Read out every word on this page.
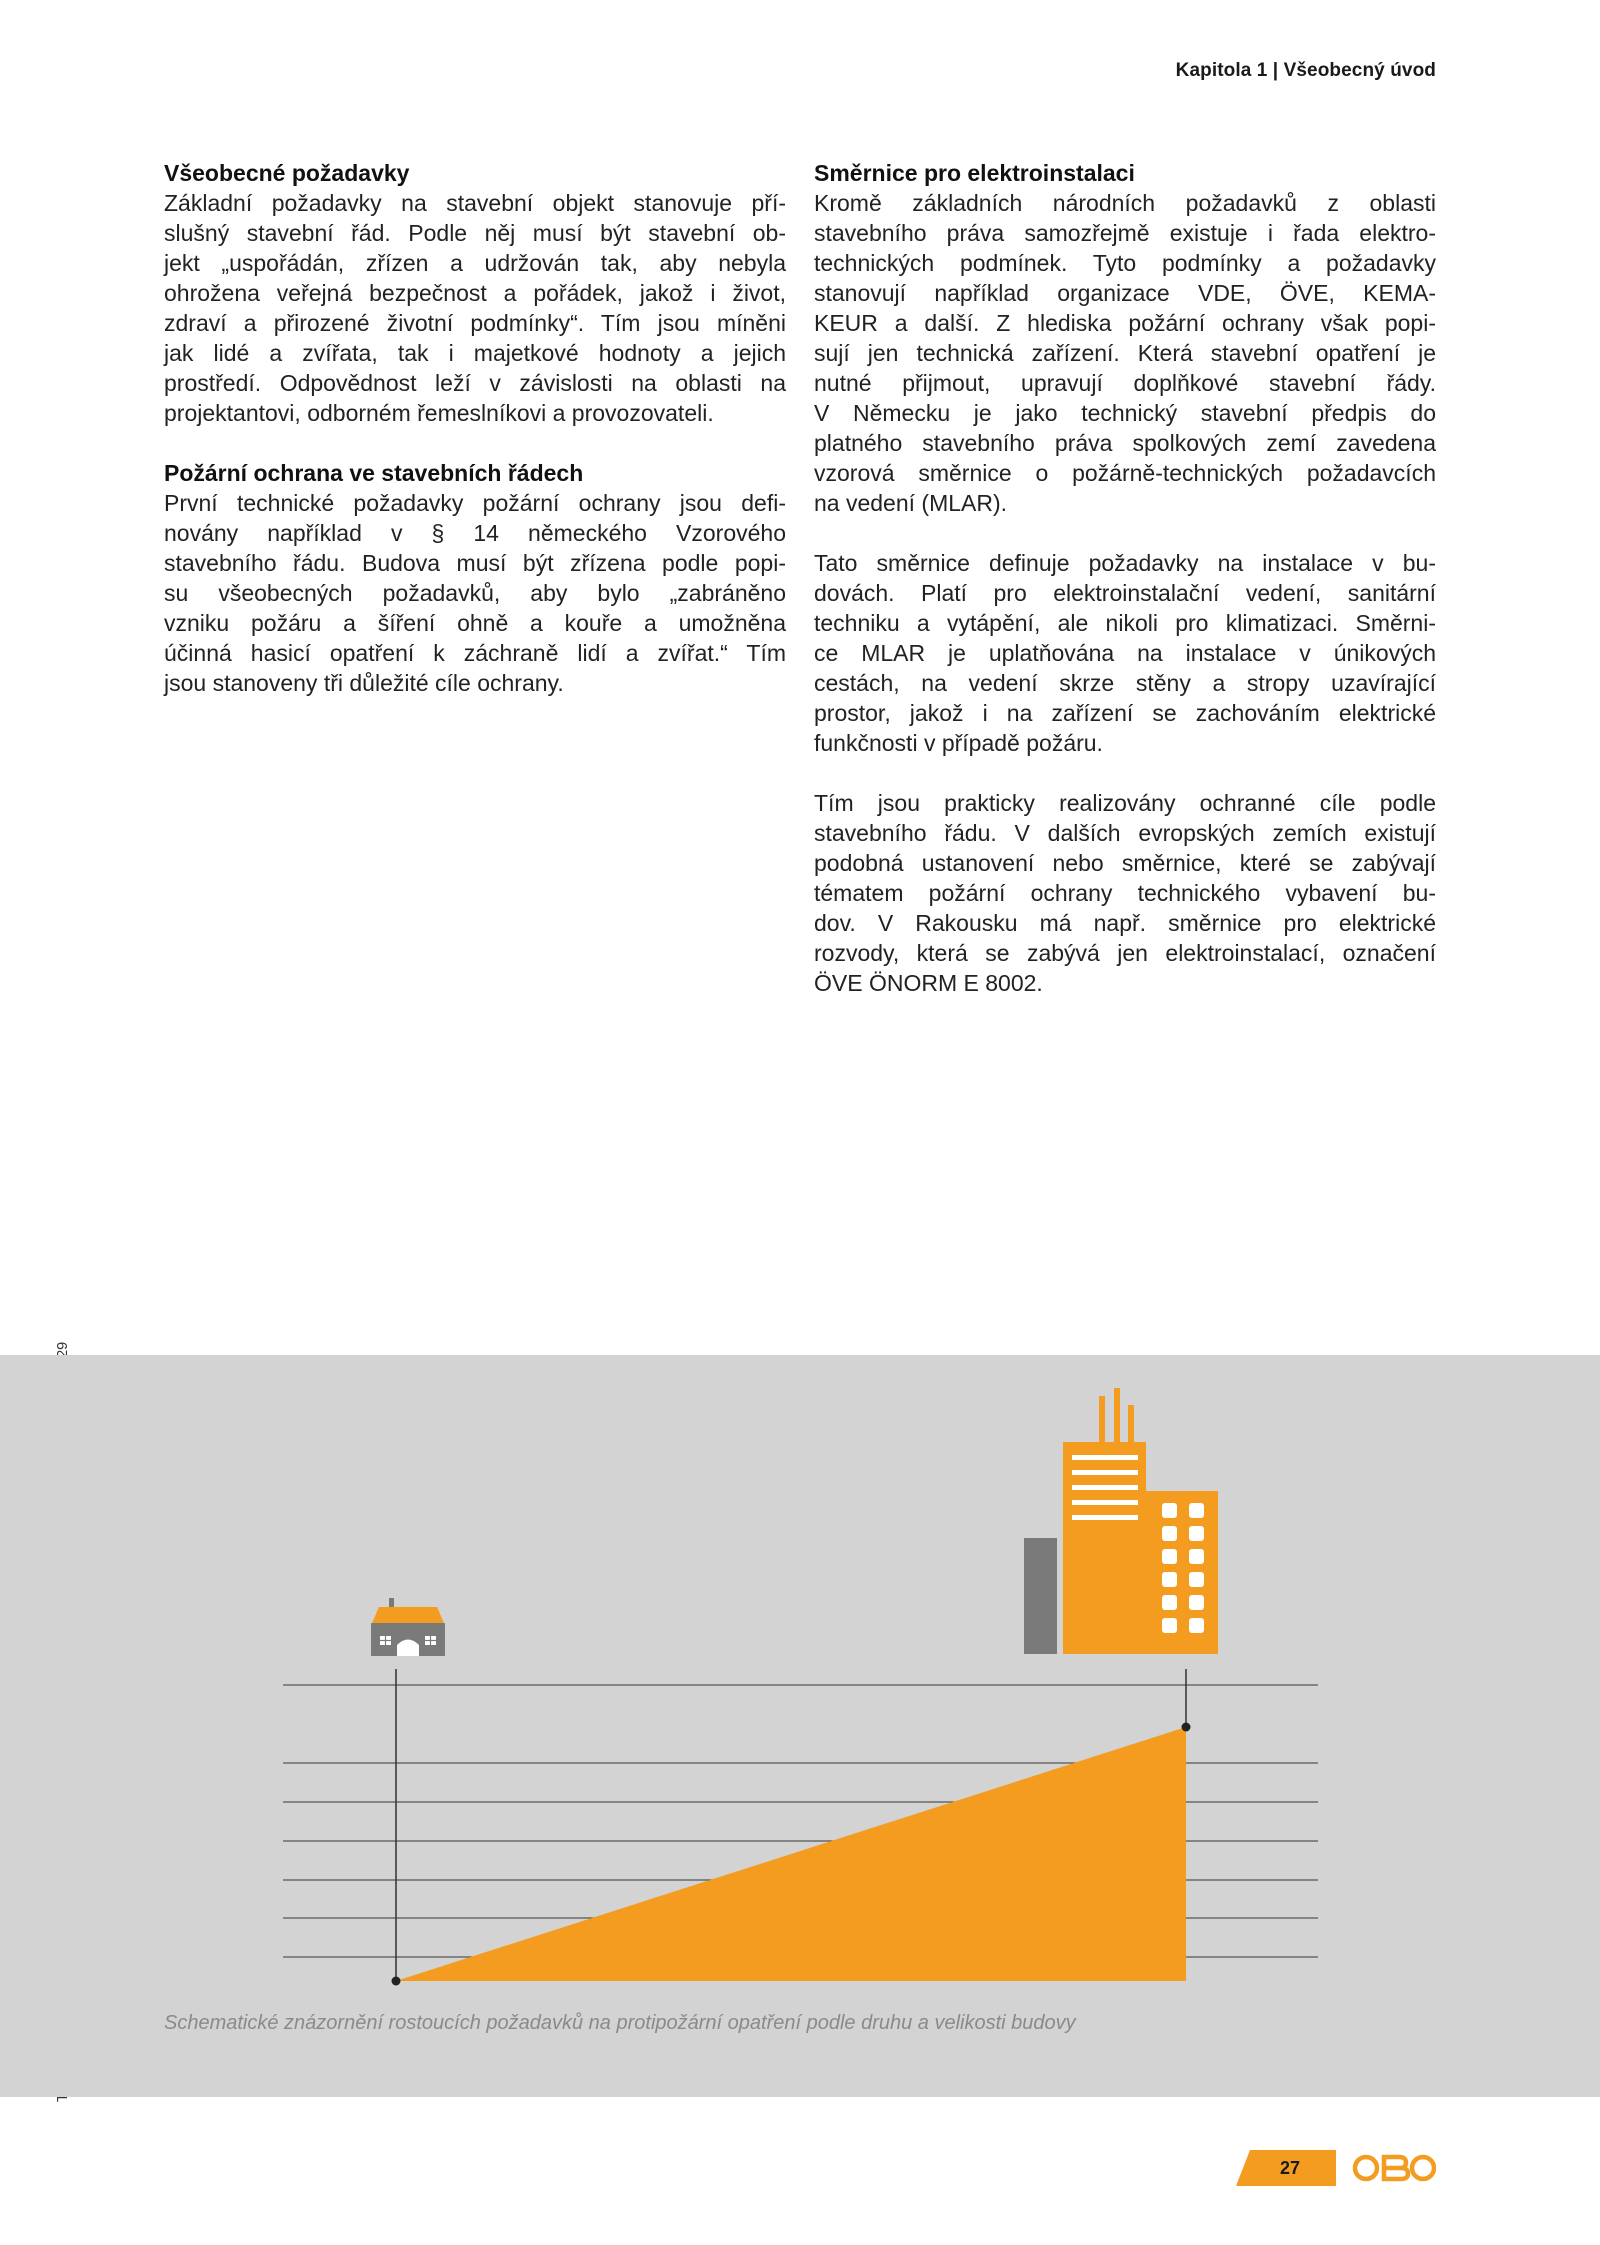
Kapitola 1 | Všeobecný úvod
Všeobecné požadavky

Základní požadavky na stavební objekt stanovuje pří-

slušný stavební řád. Podle něj musí být stavební ob-

jekt „uspořádán, zřízen a udržován tak, aby nebyla

ohrožena veřejná bezpečnost a pořádek, jakož i život,

zdraví a přirozené životní podmínky“. Tím jsou míněni

jak lidé a zvířata, tak i majetkové hodnoty a jejich

prostředí. Odpovědnost leží v závislosti na oblasti na

projektantovi, odborném řemeslníkovi a provozovateli.

Požární ochrana ve stavebních řádech

První technické požadavky požární ochrany jsou defi-

novány například v § 14 německého Vzorového

stavebního řádu. Budova musí být zřízena podle popi-

su všeobecných požadavků, aby bylo „zabráněno

vzniku požáru a šíření ohně a kouře a umožněna

účinná hasicí opatření k záchraně lidí a zvířat.“ Tím

jsou stanoveny tři důležité cíle ochrany.

Směrnice pro elektroinstalaci

Kromě základních národních požadavků z oblasti

stavebního práva samozřejmě existuje i řada elektro-

technických podmínek. Tyto podmínky a požadavky

stanovují například organizace VDE, ÖVE, KEMA-

KEUR a další. Z hlediska požární ochrany však popi-

sují jen technická zařízení. Která stavební opatření je

nutné přijmout, upravují doplňkové stavební řády.

V Německu je jako technický stavební předpis do

platného stavebního práva spolkových zemí zavedena

vzorová směrnice o požárně-technických požadavcích

na vedení (MLAR).

Tato směrnice definuje požadavky na instalace v bu-

dovách. Platí pro elektroinstalační vedení, sanitární

techniku a vytápění, ale nikoli pro klimatizaci. Směrni-

ce MLAR je uplatňována na instalace v únikových

cestách, na vedení skrze stěny a stropy uzavírající

prostor, jakož i na zařízení se zachováním elektrické

funkčnosti v případě požáru.

Tím jsou prakticky realizovány ochranné cíle podle

stavebního řádu. V dalších evropských zemích existují

podobná ustanovení nebo směrnice, které se zabývají

tématem požární ochrany technického vybavení bu-

dov. V Rakousku má např. směrnice pro elektrické

rozvody, která se zabývá jen elektroinstalací, označení

ÖVE ÖNORM E 8002.

Schematické znázornění rostoucích požadavků na protipožární opatření podle druhu a velikosti budovy
27
